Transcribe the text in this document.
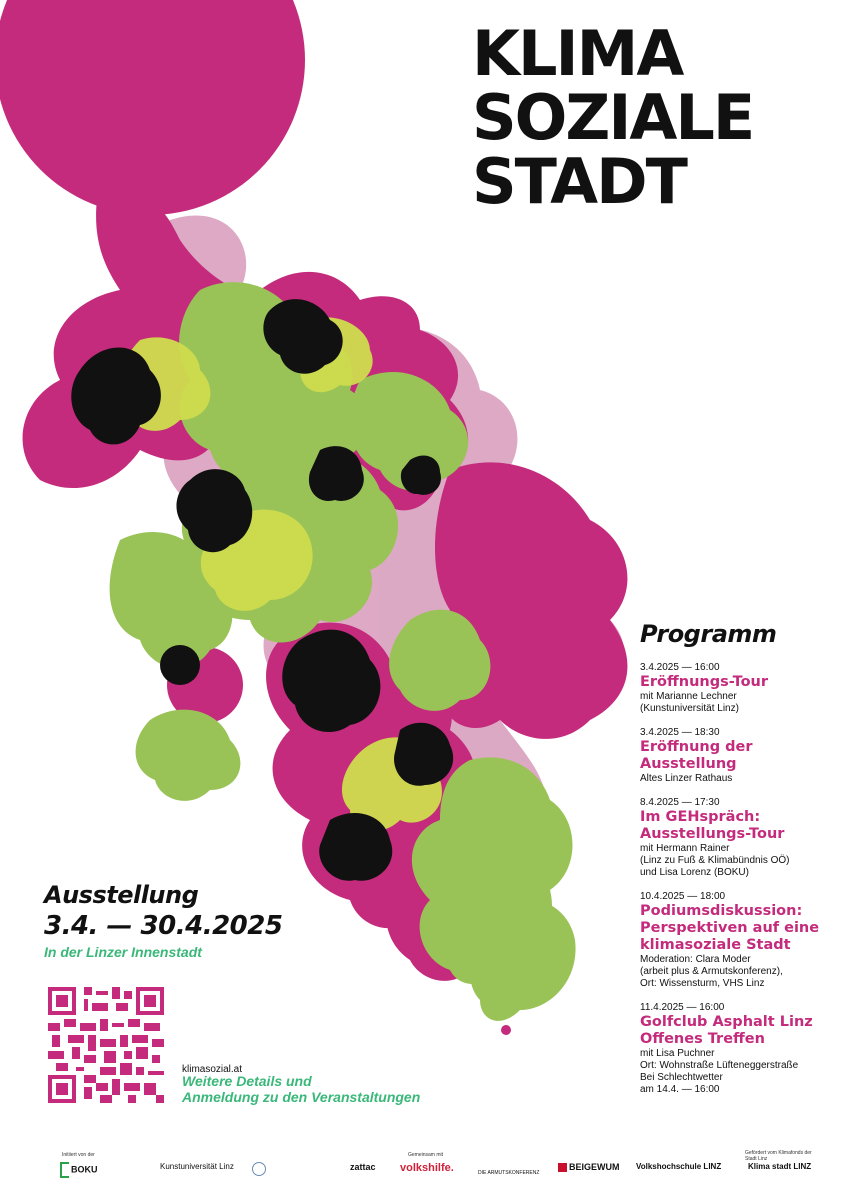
KLIMA
SOZIALE
STADT
Programm
3.4.2025 — 16:00
Eröffnungs-Tour
mit Marianne Lechner
(Kunstuniversität Linz)
3.4.2025 — 18:30
Eröffnung der Ausstellung
Altes Linzer Rathaus
8.4.2025 — 17:30
Im GEHspräch: Ausstellungs-Tour
mit Hermann Rainer
(Linz zu Fuß & Klimabündnis OÖ)
und Lisa Lorenz (BOKU)
10.4.2025 — 18:00
Podiumsdiskussion: Perspektiven auf eine klimasoziale Stadt
Moderation: Clara Moder
(arbeit plus & Armutskonferenz),
Ort: Wissensturm, VHS Linz
11.4.2025 — 16:00
Golfclub Asphalt Linz Offenes Treffen
mit Lisa Puchner
Ort: Wohnstraße Lüfteneggerstraße
Bei Schlechtwetter
am 14.4. — 16:00
Ausstellung
3.4. — 30.4.2025
In der Linzer Innenstadt
klimasozial.at
Weitere Details und
Anmeldung zu den Veranstaltungen
Initiiert von der	Gemeinsam mit	Gefördert vom Klimafonds der Stadt Linz
BOKU	Kunstuniversität Linz	zattac volkshilfe.	DIE ARMUTSKONFERENZ
BEIGEWUM Volkshochschule LINZ	Klima stadt LINZ
